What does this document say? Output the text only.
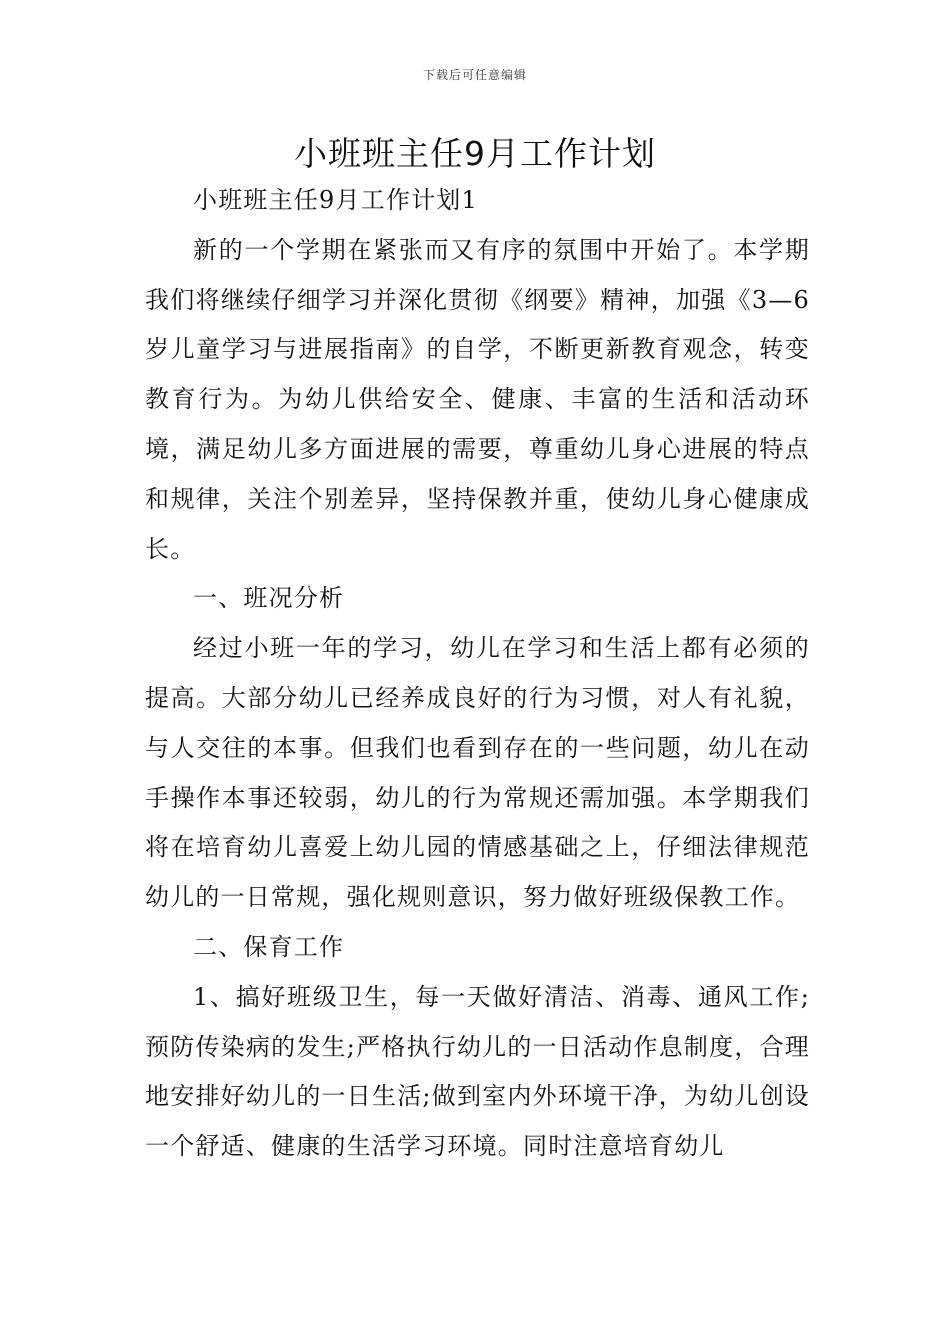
下载后可任意编辑
小班班主任9月工作计划

小班班主任9月工作计划1

新的一个学期在紧张而又有序的氛围中开始了。本学期我们将继续仔细学习并深化贯彻《纲要》精神，加强《3—6岁儿童学习与进展指南》的自学，不断更新教育观念，转变教育行为。为幼儿供给安全、健康、丰富的生活和活动环境，满足幼儿多方面进展的需要，尊重幼儿身心进展的特点和规律，关注个别差异，坚持保教并重，使幼儿身心健康成长。

一、班况分析

经过小班一年的学习，幼儿在学习和生活上都有必须的提高。大部分幼儿已经养成良好的行为习惯，对人有礼貌，与人交往的本事。但我们也看到存在的一些问题，幼儿在动手操作本事还较弱，幼儿的行为常规还需加强。本学期我们将在培育幼儿喜爱上幼儿园的情感基础之上，仔细法律规范幼儿的一日常规，强化规则意识，努力做好班级保教工作。

二、保育工作

1、搞好班级卫生，每一天做好清洁、消毒、通风工作;预防传染病的发生;严格执行幼儿的一日活动作息制度，合理地安排好幼儿的一日生活;做到室内外环境干净，为幼儿创设一个舒适、健康的生活学习环境。同时注意培育幼儿
